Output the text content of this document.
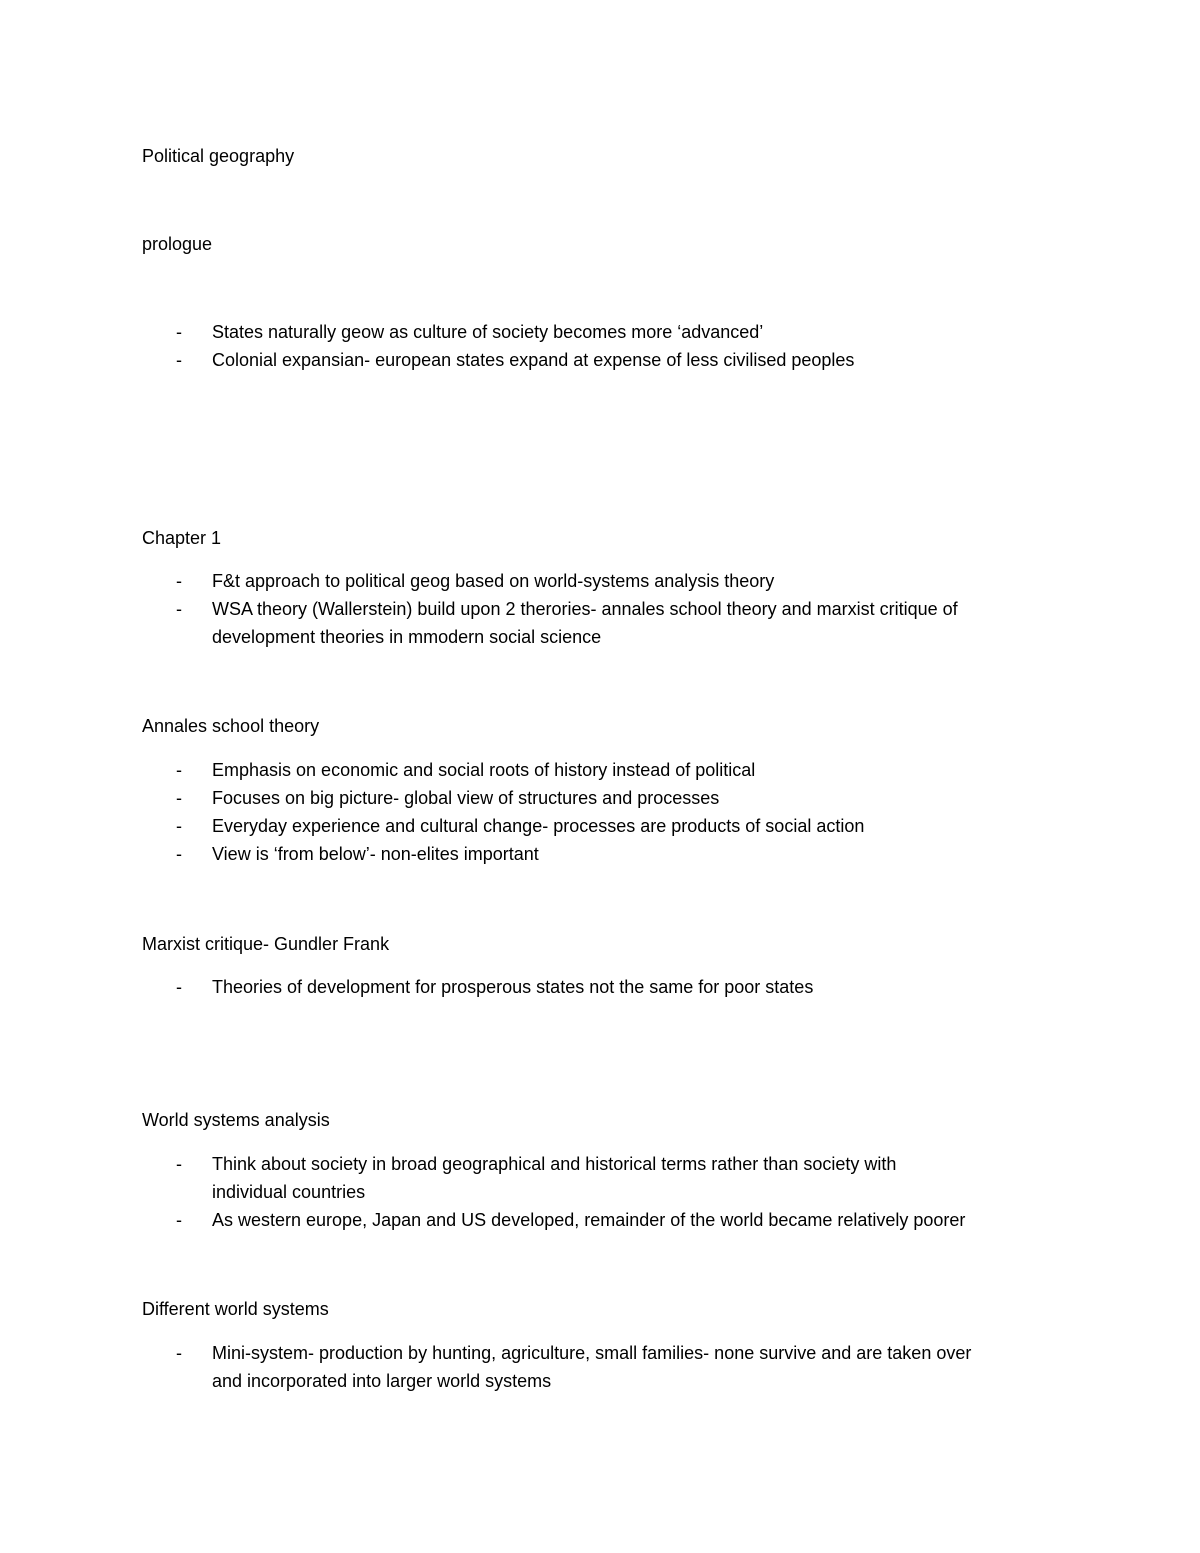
Political geography
prologue
- States naturally geow as culture of society becomes more ‘advanced’
- Colonial expansian- european states expand at expense of less civilised peoples
Chapter 1
- F&t approach to political geog based on world-systems analysis theory
- WSA theory (Wallerstein) build upon 2 therories- annales school theory and marxist critique of
development theories in mmodern social science
Annales school theory
- Emphasis on economic and social roots of history instead of political
- Focuses on big picture- global view of structures and processes
- Everyday experience and cultural change- processes are products of social action
- View is ‘from below’- non-elites important
Marxist critique- Gundler Frank
- Theories of development for prosperous states not the same for poor states
World systems analysis
- Think about society in broad geographical and historical terms rather than society with
individual countries
- As western europe, Japan and US developed, remainder of the world became relatively poorer
Different world systems
- Mini-system- production by hunting, agriculture, small families- none survive and are taken over
and incorporated into larger world systems
